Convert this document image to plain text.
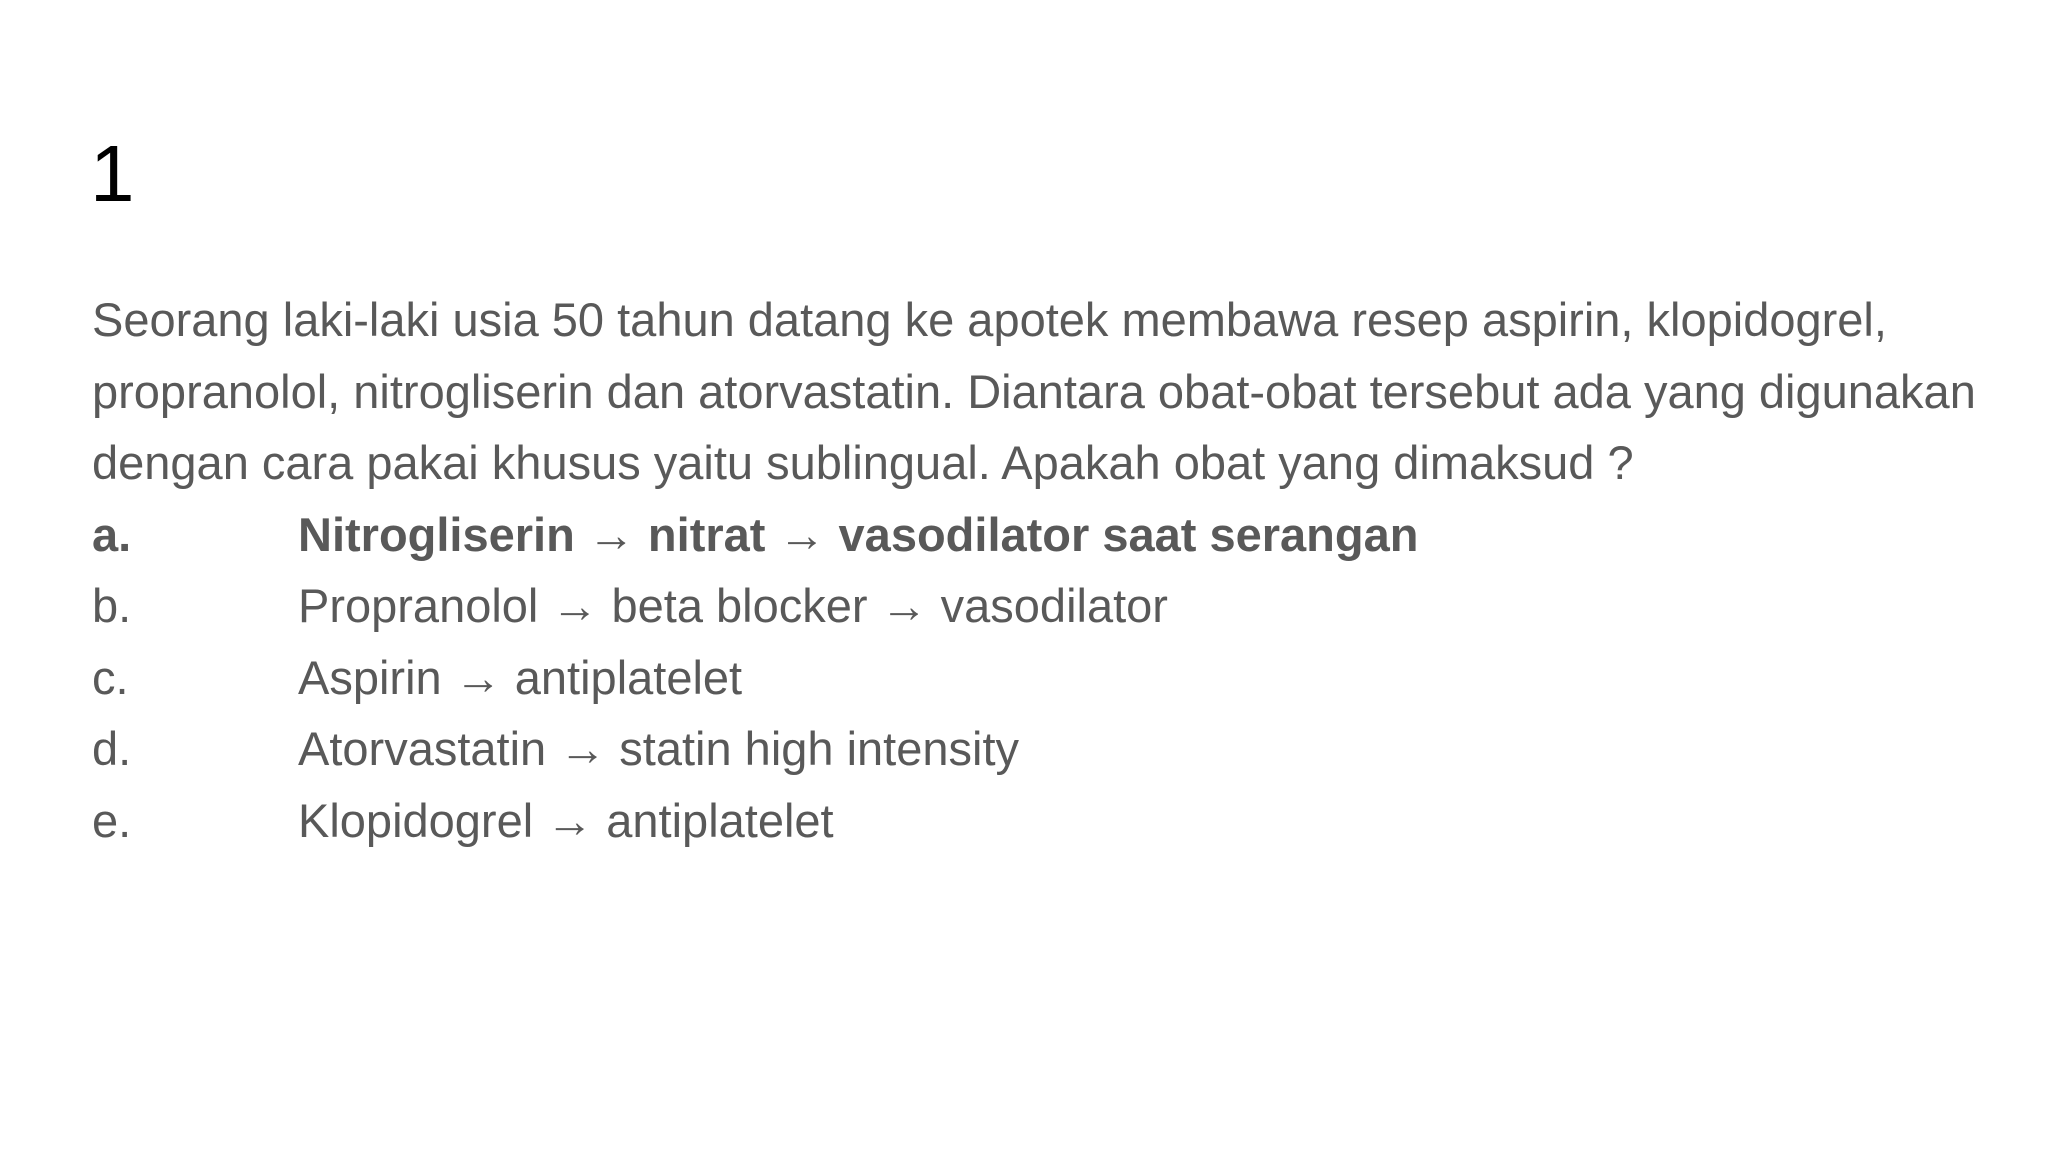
1

Seorang laki-laki usia 50 tahun datang ke apotek membawa resep aspirin, klopidogrel, propranolol, nitrogliserin dan atorvastatin. Diantara obat-obat tersebut ada yang digunakan dengan cara pakai khusus yaitu sublingual. Apakah obat yang dimaksud ?

a.	Nitrogliserin → nitrat → vasodilator saat serangan
b.	Propranolol → beta blocker → vasodilator
c.	Aspirin → antiplatelet
d.	Atorvastatin → statin high intensity
e.	Klopidogrel → antiplatelet
